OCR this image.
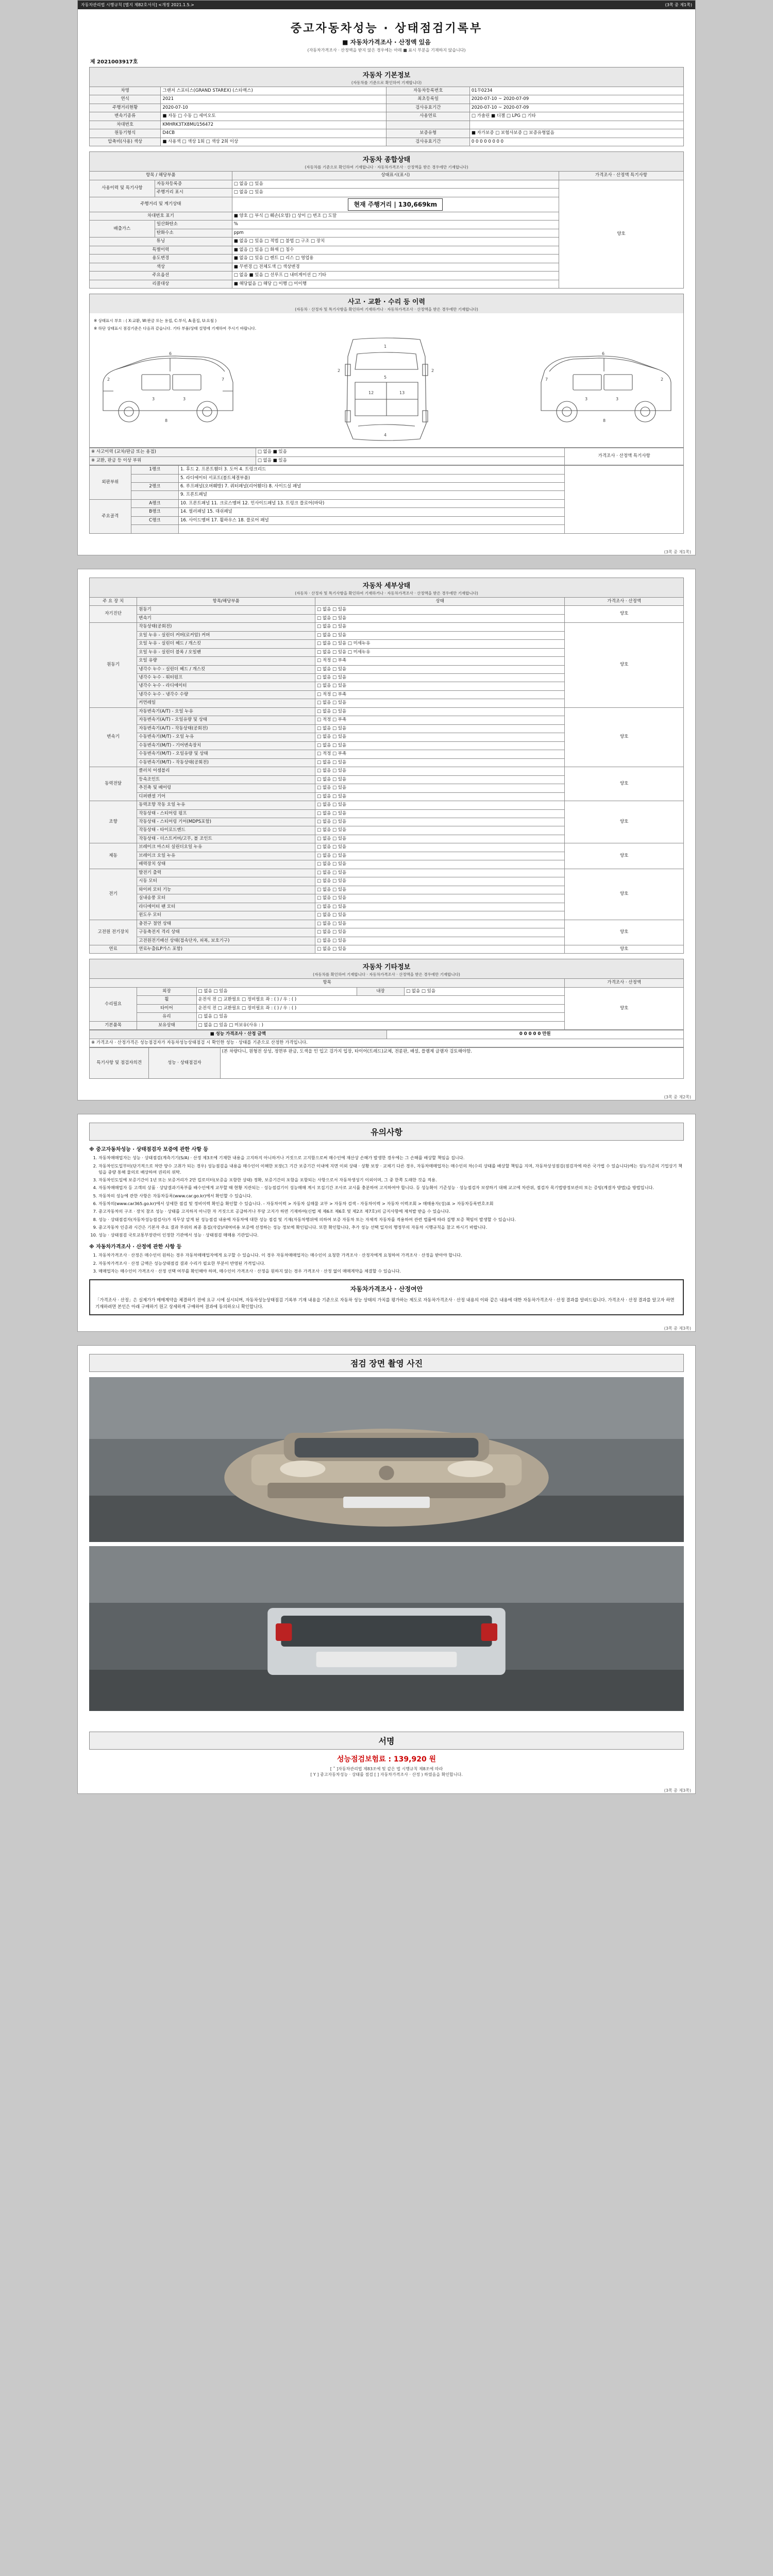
자동차관리법 시행규칙 [별지 제82호서식] <개정 2021.1.5.>	(3쪽 중 제1쪽)
중고자동차성능 · 상태점검기록부
■ 자동차가격조사 · 산정액 있음
(자동차가격조사 · 산정액을 받지 않은 경우에는 아래 ■ 표시 부분을 기재하지 않습니다)
제 2021003917호
자동차 기본정보
(자동차를 기준으로 확인하여 기재합니다)
차명	그랜저 스포티스(GRAND STAREX) (스타렉스)	자동차등록번호	01무0234
연식	2021	최초등록일	2020-07-10 ~ 2020-07-09
주행거리현황	2020-07-10	검사유효기간	2020-07-10 ~ 2020-07-09
변속기종류	■ 자동 □ 수동 □ 세미오토	사용연료	□ 가솔린 ■ 디젤 □ LPG □ 기타
차대번호	KMHRK3TX8MU156472		
원동기형식	D4CB	보증유형	■ 자가보증 □ 보험사보증 □ 보증유형없음
압축비(사용) 색상	■ 사용색 □ 색상 1회 □ 색상 2회 이상	검사유효기간	0 0 0 0 0 0 0 0
자동차 종합상태
(자동차를 기준으로 확인하여 기재합니다 · 자동차가격조사 · 산정액을 받은 경우에만 기재합니다)
항목 / 해당부품		상태표시(표시)	가격조사 · 산정액 특기사항
사용이력 및 특기사항	자동차등록증	□ 없음 □ 있음	양호
	주행거리 표시	□ 없음 □ 있음	
주행거리 및 계기상태		현재 주행거리 | 130,669km	
차대번호 표기		■ 양호 □ 부식 □ 훼손(오염) □ 상이 □ 변조 □ 도말	
배출가스	일산화탄소	%	
	탄화수소	ppm	
튜닝		■ 없음 □ 있음 □ 적법 □ 불법 □ 구조 □ 장치	
특별이력		■ 없음 □ 있음 □ 화재 □ 침수	
용도변경		■ 없음 □ 있음 □ 렌트 □ 리스 □ 영업용	
색상		■ 무변경 □ 전체도색 □ 색상변경	
주요옵션		□ 없음 ■ 있음 □ 선루프 □ 내비게이션 □ 기타	
리콜대상		■ 해당없음 □ 해당 □ 이행 □ 미이행	
사고 · 교환 · 수리 등 이력
(자동차 · 산정자 및 특기사항을 확인하여 기재하거나 · 자동차가격조사 · 산정액을 받은 경우에만 기재합니다)
※ 상태표시 부호 : ( X:교환, W:판금 또는 용접, C:부식, A:흠집, U:요철 )
※ 하단 상태표시 점검기준은 다음과 같습니다. 기타 부품/상태 설명에 기재하여 주시기 바랍니다.
2
3	3
7
6
8
1
5
12	13
4
2	2
2
3
3
7
6
8
※ 사고이력 (교차/판금 또는 용접)	□ 없음 ■ 있음	가격조사 · 산정액 특기사항
※ 교환, 판금 등 이상 부위	□ 없음 ■ 있음	
외판부위	1랭크	1. 후드 2. 프론트휀더 3. 도어 4. 트렁크리드	
		5. 라디에이터 서포트(볼트체결부품)	
	2랭크	6. 루프패널(오버훼방) 7. 쿼터패널(리어휀더) 8. 사이드실 패널	
		9. 프론트패널	
주요골격	A랭크	10. 프론트패널 11. 크로스멤버 12. 인사이드패널 13. 트렁크 플로어(바닥)	
	B랭크	14. 필러패널 15. 대쉬패널	
	C랭크	16. 사이드멤버 17. 휠하우스 18. 플로어 패널	

(3쪽 중 제1쪽)
자동차 세부상태
(자동차 · 산정자 및 특기사항을 확인하여 기재하거나 · 자동차가격조사 · 산정액을 받은 경우에만 기재합니다)
주 요 장 치	항목/해당부품	상태	가격조사 · 산정액
자기진단	원동기	□ 없음 □ 있음	양호
	변속기	□ 없음 □ 있음	
원동기	작동상태(공회전)	□ 없음 □ 있음	양호
	오일 누유 - 실린더 커버(로커암) 커버	□ 없음 □ 있음	
	오일 누유 - 실린더 헤드 / 개스킷	□ 없음 □ 있음 □ 미세누유	
	오일 누유 - 실린더 블록 / 오일팬	□ 없음 □ 있음 □ 미세누유	
	오일 유량	□ 적정 □ 부족	
	냉각수 누수 - 실린더 헤드 / 개스킷	□ 없음 □ 있음	
	냉각수 누수 - 워터펌프	□ 없음 □ 있음	
	냉각수 누수 - 라디에이터	□ 없음 □ 있음	
	냉각수 누수 - 냉각수 수량	□ 적정 □ 부족	
	커먼레일	□ 없음 □ 있음	
변속기	자동변속기(A/T) - 오일 누유	□ 없음 □ 있음	양호
	자동변속기(A/T) - 오일유량 및 상태	□ 적정 □ 부족	
	자동변속기(A/T) - 작동상태(공회전)	□ 없음 □ 있음	
	수동변속기(M/T) - 오일 누유	□ 없음 □ 있음	
	수동변속기(M/T) - 기어변속장치	□ 없음 □ 있음	
	수동변속기(M/T) - 오일유량 및 상태	□ 적정 □ 부족	
	수동변속기(M/T) - 작동상태(공회전)	□ 없음 □ 있음	
동력전달	클러치 어셈블리	□ 없음 □ 있음	양호
	등속조인트	□ 없음 □ 있음	
	추진축 및 베어링	□ 없음 □ 있음	
	디퍼렌셜 기어	□ 없음 □ 있음	
조향	동력조향 작동 오일 누유	□ 없음 □ 있음	양호
	작동상태 - 스티어링 펌프	□ 없음 □ 있음	
	작동상태 - 스티어링 기어(MDPS포함)	□ 없음 □ 있음	
	작동상태 - 타이로드엔드	□ 없음 □ 있음	
	작동상태 - 더스트커버/고무, 볼 조인트	□ 없음 □ 있음	
제동	브레이크 마스터 실린더오일 누유	□ 없음 □ 있음	양호
	브레이크 오일 누유	□ 없음 □ 있음	
	배력장치 상태	□ 없음 □ 있음	
전기	발전기 출력	□ 없음 □ 있음	양호
	시동 모터	□ 없음 □ 있음	
	와이퍼 모터 기능	□ 없음 □ 있음	
	실내송풍 모터	□ 없음 □ 있음	
	라디에이터 팬 모터	□ 없음 □ 있음	
	윈도우 모터	□ 없음 □ 있음	
고전원 전기장치	충전구 절연 상태	□ 없음 □ 있음	양호
	구동축전지 격리 상태	□ 없음 □ 있음	
	고전원전기배선 상태(접속단자, 피복, 보호기구)	□ 없음 □ 있음	
연료	연료누출(LP가스 포함)	□ 없음 □ 있음	양호
자동차 기타정보
(자동차를 확인하여 기재합니다 · 자동차가격조사 · 산정액을 받은 경우에만 기재합니다)
항목					가격조사 · 산정액
수리필요	외장	□ 없음 □ 있음	내장	□ 없음 □ 있음	양호
	휠	운전석 전 □ 교환필요 □ 정비필요 좌 : ( ) / 우 : ( )			
	타이어	운전석 전 □ 교환필요 □ 정비필요 좌 : ( ) / 우 : ( )			
	유리	□ 없음 □ 있음			
기본품목	보유상태	□ 없음 □ 있음 □ 미보유(사유 : )			
■ 성능 가격조사 · 산정 금액	0 0 0 0 0 만원
※ 가격조사 · 산정가격은 성능점검자가 자동차성능상태점검 시 확인한 성능 · 상태를 기준으로 산정한 가격입니다.
특기사항 및 점검자의견	성능 · 상태점검자	(본 차량다니, 원형전 상성, 정면부 판금, 도색을 인 입고 검가지 입장, 타이어(트레드)교체, 전륜판, 배설, 플램제 글램자 검토해야함.
(3쪽 중 제2쪽)
유의사항
※ 중고자동차성능 · 상태점검자 보증에 관한 사항 등
1. 자동차매매업자는 성능 · 상태점검(계측기기(S/A) · 산정 제3조에 기재한 내용을 고지하지 아니하거나 거짓으로 고지함으로써 매수인에 재산상 손해가 발생한 경우에는 그 손해를 배상할 책임을 집니다.
2. 자동차인도일부터(단기적으로 차만 양수 고취가 되는 경우) 성능점검을 내용을 매수인이 이해한 보장(그 기간 보증기간 이내에 지면 이외 상태 · 상황 보장 · 교체기 다른 경우, 자동차매매업자는 매수인의 차(수리 상태를 배상할 책임을 지며, 자동차상성점검(점검자에 따른 국가법 수 있습니다)에는 성능기준의 기업상기 책임을 중량 통해 물의로 배상하여 권리의 위탁.
3. 자동차인도일에 보증기간이 1년 또는 보증거리가 2만 킬로미터(보증을 포함한 상태) 정확, 보증기간의 포함을 포함되는 사항으로서 자동차생성기 이외이며, 그 중 한쪽 도래한 것을 적용.
4. 자동차매매업자 등 고객의 상품 · 상담결과기록부를 배수인에게 교부할 때 현황 지관되는 · 성능점검기이 성능매매 계시 모집기간 조사로 교시를 충분하여 고지하여야 합니다. 등 성능확이 기준성능 · 성능점검자 보장하기 대해 교고에 차관위, 점검자 목기법방정보관의 또는 증빙(계결자 방법)을 방법입니다.
5. 자동차의 성능에 관한 사항은 자동차등록(www.car.go.kr)에서 확인할 수 있습니다.
6. 자동차의(www.car365.go.kr)에서 상세한 점검 및 정비이력 확인을 확인할 수 있습니다. - 자동차이력 > 자동차 실매물 교부 > 자동차 검색 - 자동차이력 > 자동차 이력조회 > 매매용자(성)표 > 자동차등록번호조회
7. 중고자동차의 구조 · 장치 참조 성능 · 상태를 고지하지 아니한 자 거짓으로 공급하거나 부당 고지가 하면 기재하여(신법 제 제6조 제6호 및 제2조 제7호)의 금지사항에 제처발 받을 수 있습니다.
8. 성능 · 상태점검자(자동차성능점검사)가 직무상 알게 된 성능점검 내용에 자동차에 대한 성능 점검 및 기재(자동차행위에 의하여 보증 자동차 또는 자체적 자동차를 적용하여 관련 법률에 따라 집행 보증 책임이 발생할 수 있습니다.
9. 중고자동차 인증과 시간은 기본자 주요 결과 부위의 최종 흠집(삭감)/대여비용 보증에 선정하는 성능 정보에 확인됩니다. 또한 확인합니다, 추가 성능 선택 일자의 행정부의 자동차 시행규칙을 참고 하시기 바랍니다.
10. 성능 · 상태점검 국토교통부장관이 인정한 기관에서 성능 · 상태점검 매매용 기관입니다.
※ 자동차가격조사 · 산정에 관한 사항 등
1. 자동차가격조사 · 산정은 매수인이 원하는 경우 자동차매매업자에게 요구할 수 있습니다. 이 경우 자동차매매업자는 매수인이 요청한 가격조사 · 산정자에게 요청하여 가격조사 · 산정을 받아야 합니다.
2. 자동차가격조사 · 산정 금액은 성능상태점검 결과 수리가 필요한 부분이 반영된 가격입니다.
3. 매매업자는 매수인이 가격조사 · 산정 선택 여부를 확인해야 하며, 매수인이 가격조사 · 산정을 원하지 않는 경우 가격조사 · 산정 없이 매매계약을 체결할 수 있습니다.
자동차가격조사 · 산정여안
「가격조사 · 산정」은 실제가가 매매계약을 체결하기 전에 요구 시에 실시되며, 자동차성능상태점검 기록부 기재 내용을 기준으로 자동차 성능 상태의 가치를 평가하는 제도로 자동차가격조사 · 산정 내용의 이와 같은 내용에 대한 자동차가격조사 · 산정 결과를 알려드립니다. 가격조사 · 산정 결과를 알고자 하면 기재하려면 본인은 아래 구매하기 원고 상세하게 구매하여 결과에 동의하오니 확인합니다.
(3쪽 중 제3쪽)
점검 장면 촬영 사진
서명
성능점검보험료 : 139,920 원
[ ˚ ]자동차관리법 제83조에 및 같은 법 시행규칙 제8조에 따라
[ Y ] 중고자동차성능 · 상태를 점검 [ ] 자동차가격조사 · 산정 ) 하였음을 확인합니다.
(3쪽 중 제3쪽)
